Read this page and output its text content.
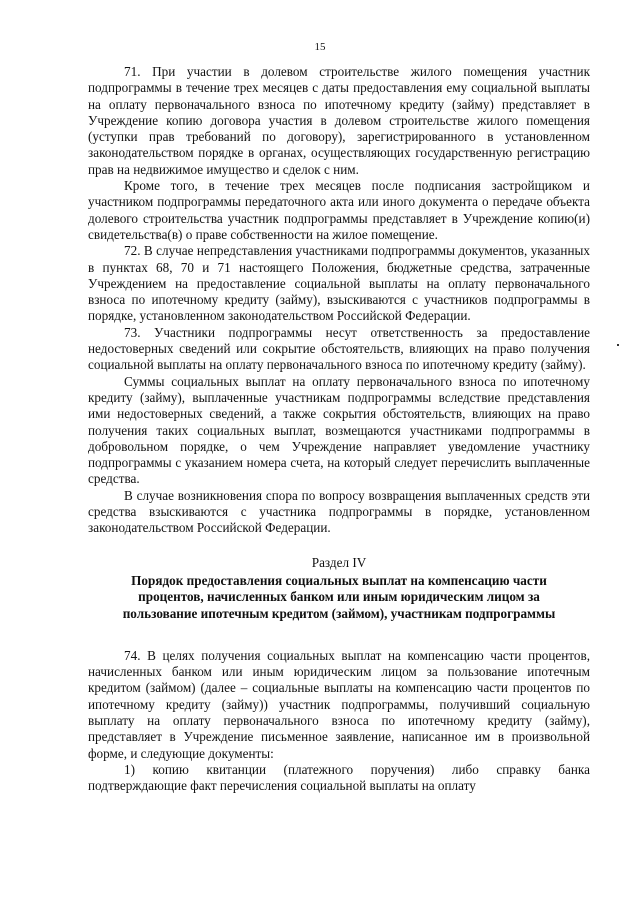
15

71. При участии в долевом строительстве жилого помещения участник подпрограммы в течение трех месяцев с даты предоставления ему социальной выплаты на оплату первоначального взноса по ипотечному кредиту (займу) представляет в Учреждение копию договора участия в долевом строительстве жилого помещения (уступки прав требований по договору), зарегистрированного в установленном законодательством порядке в органах, осуществляющих государственную регистрацию прав на недвижимое имущество и сделок с ним.

Кроме того, в течение трех месяцев после подписания застройщиком и участником подпрограммы передаточного акта или иного документа о передаче объекта долевого строительства участник подпрограммы представляет в Учреждение копию(и) свидетельства(в) о праве собственности на жилое помещение.

72. В случае непредставления участниками подпрограммы документов, указанных в пунктах 68, 70 и 71 настоящего Положения, бюджетные средства, затраченные Учреждением на предоставление социальной выплаты на оплату первоначального взноса по ипотечному кредиту (займу), взыскиваются с участников подпрограммы в порядке, установленном законодательством Российской Федерации.

73. Участники подпрограммы несут ответственность за предоставление недостоверных сведений или сокрытие обстоятельств, влияющих на право получения социальной выплаты на оплату первоначального взноса по ипотечному кредиту (займу).

Суммы социальных выплат на оплату первоначального взноса по ипотечному кредиту (займу), выплаченные участникам подпрограммы вследствие представления ими недостоверных сведений, а также сокрытия обстоятельств, влияющих на право получения таких социальных выплат, возмещаются участниками подпрограммы в добровольном порядке, о чем Учреждение направляет уведомление участнику подпрограммы с указанием номера счета, на который следует перечислить выплаченные средства.

В случае возникновения спора по вопросу возвращения выплаченных средств эти средства взыскиваются с участника подпрограммы в порядке, установленном законодательством Российской Федерации.

Раздел IV
Порядок предоставления социальных выплат на компенсацию части процентов, начисленных банком или иным юридическим лицом за пользование ипотечным кредитом (займом), участникам подпрограммы

74. В целях получения социальных выплат на компенсацию части процентов, начисленных банком или иным юридическим лицом за пользование ипотечным кредитом (займом) (далее – социальные выплаты на компенсацию части процентов по ипотечному кредиту (займу)) участник подпрограммы, получивший социальную выплату на оплату первоначального взноса по ипотечному кредиту (займу), представляет в Учреждение письменное заявление, написанное им в произвольной форме, и следующие документы:

1) копию квитанции (платежного поручения) либо справку банка подтверждающие факт перечисления социальной выплаты на оплату
